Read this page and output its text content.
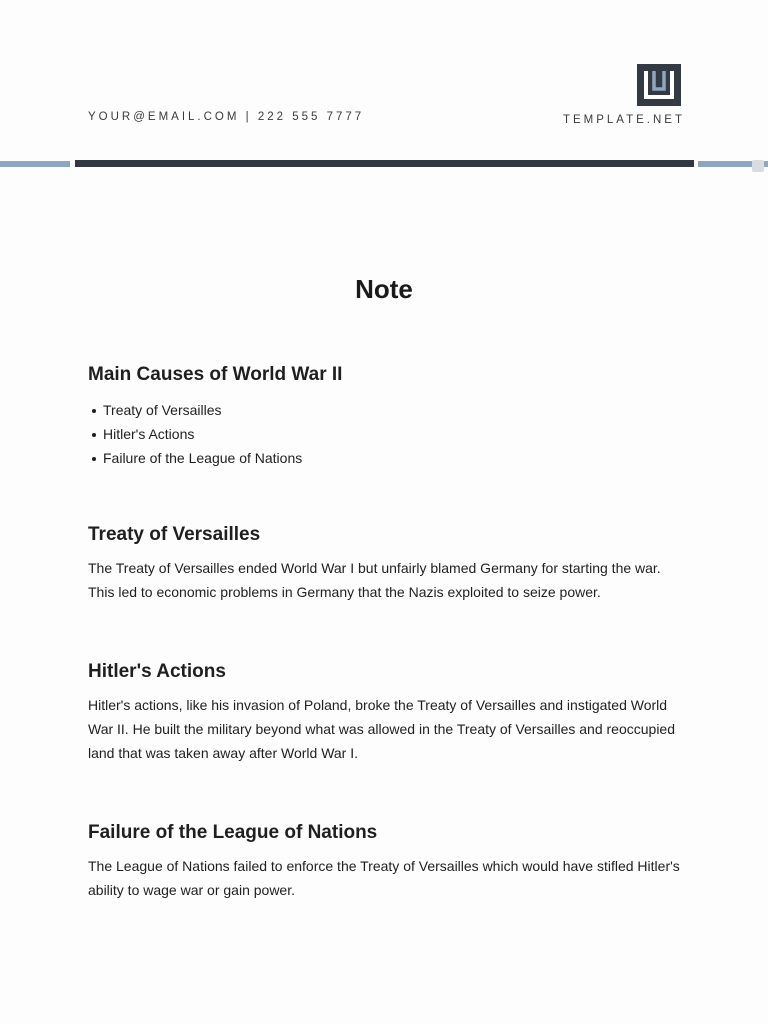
YOUR@EMAIL.COM | 222 555 7777	TEMPLATE.NET
Note
Main Causes of World War II
Treaty of Versailles
Hitler's Actions
Failure of the League of Nations
Treaty of Versailles

The Treaty of Versailles ended World War I but unfairly blamed Germany for starting the war. This led to economic problems in Germany that the Nazis exploited to seize power.

Hitler's Actions

Hitler's actions, like his invasion of Poland, broke the Treaty of Versailles and instigated World War II. He built the military beyond what was allowed in the Treaty of Versailles and reoccupied land that was taken away after World War I.

Failure of the League of Nations

The League of Nations failed to enforce the Treaty of Versailles which would have stifled Hitler's ability to wage war or gain power.
